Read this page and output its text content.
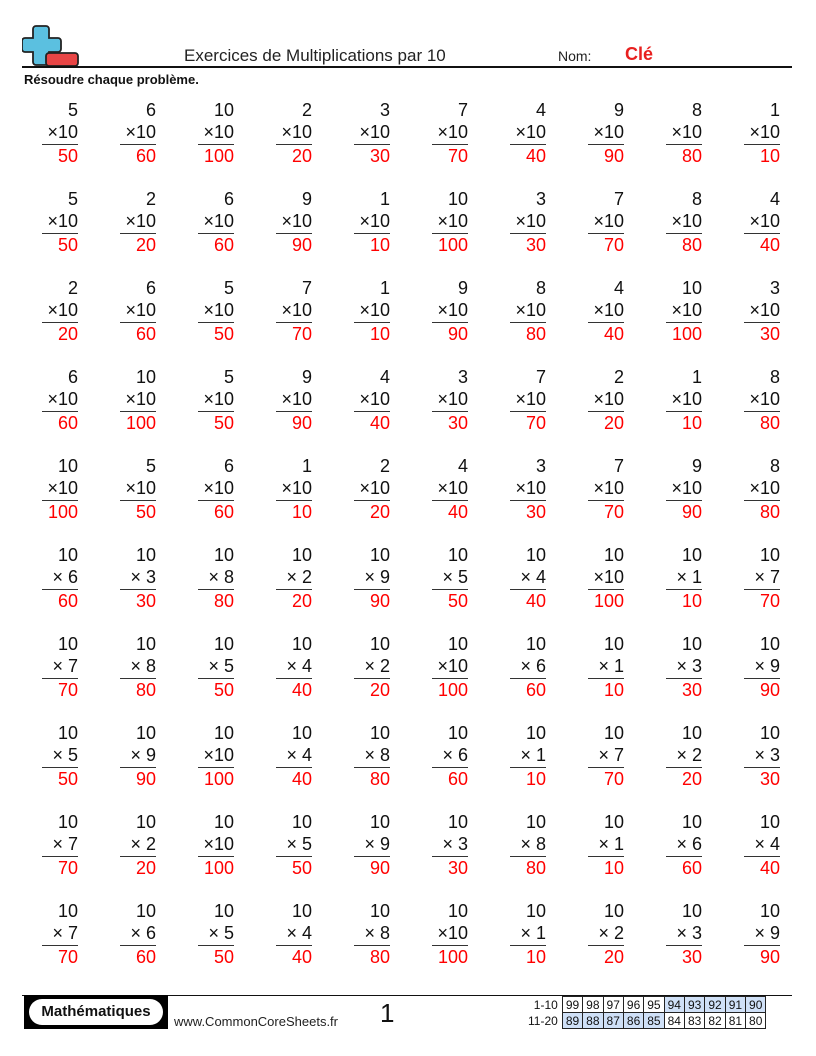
Exercices de Multiplications par 10	Nom: Clé
Résoudre chaque problème.
5
×10
50
6
×10
60
10
×10
100
2
×10
20
3
×10
30
7
×10
70
4
×10
40
9
×10
90
8
×10
80
1
×10
10
5
×10
50
2
×10
20
6
×10
60
9
×10
90
1
×10
10
10
×10
100
3
×10
30
7
×10
70
8
×10
80
4
×10
40
2
×10
20
6
×10
60
5
×10
50
7
×10
70
1
×10
10
9
×10
90
8
×10
80
4
×10
40
10
×10
100
3
×10
30
6
×10
60
10
×10
100
5
×10
50
9
×10
90
4
×10
40
3
×10
30
7
×10
70
2
×10
20
1
×10
10
8
×10
80
10
×10
100
5
×10
50
6
×10
60
1
×10
10
2
×10
20
4
×10
40
3
×10
30
7
×10
70
9
×10
90
8
×10
80
10
× 6
60
10
× 3
30
10
× 8
80
10
× 2
20
10
× 9
90
10
× 5
50
10
× 4
40
10
×10
100
10
× 1
10
10
× 7
70
10
× 7
70
10
× 8
80
10
× 5
50
10
× 4
40
10
× 2
20
10
×10
100
10
× 6
60
10
× 1
10
10
× 3
30
10
× 9
90
10
× 5
50
10
× 9
90
10
×10
100
10
× 4
40
10
× 8
80
10
× 6
60
10
× 1
10
10
× 7
70
10
× 2
20
10
× 3
30
10
× 7
70
10
× 2
20
10
×10
100
10
× 5
50
10
× 9
90
10
× 3
30
10
× 8
80
10
× 1
10
10
× 6
60
10
× 4
40
10
× 7
70
10
× 6
60
10
× 5
50
10
× 4
40
10
× 8
80
10
×10
100
10
× 1
10
10
× 2
20
10
× 3
30
10
× 9
90
Mathématiques
www.CommonCoreSheets.fr 1	1-10	99	98	97	96	95	94	93	92	91	90
11-20	89	88	87	86	85	84	83	82	81	80
